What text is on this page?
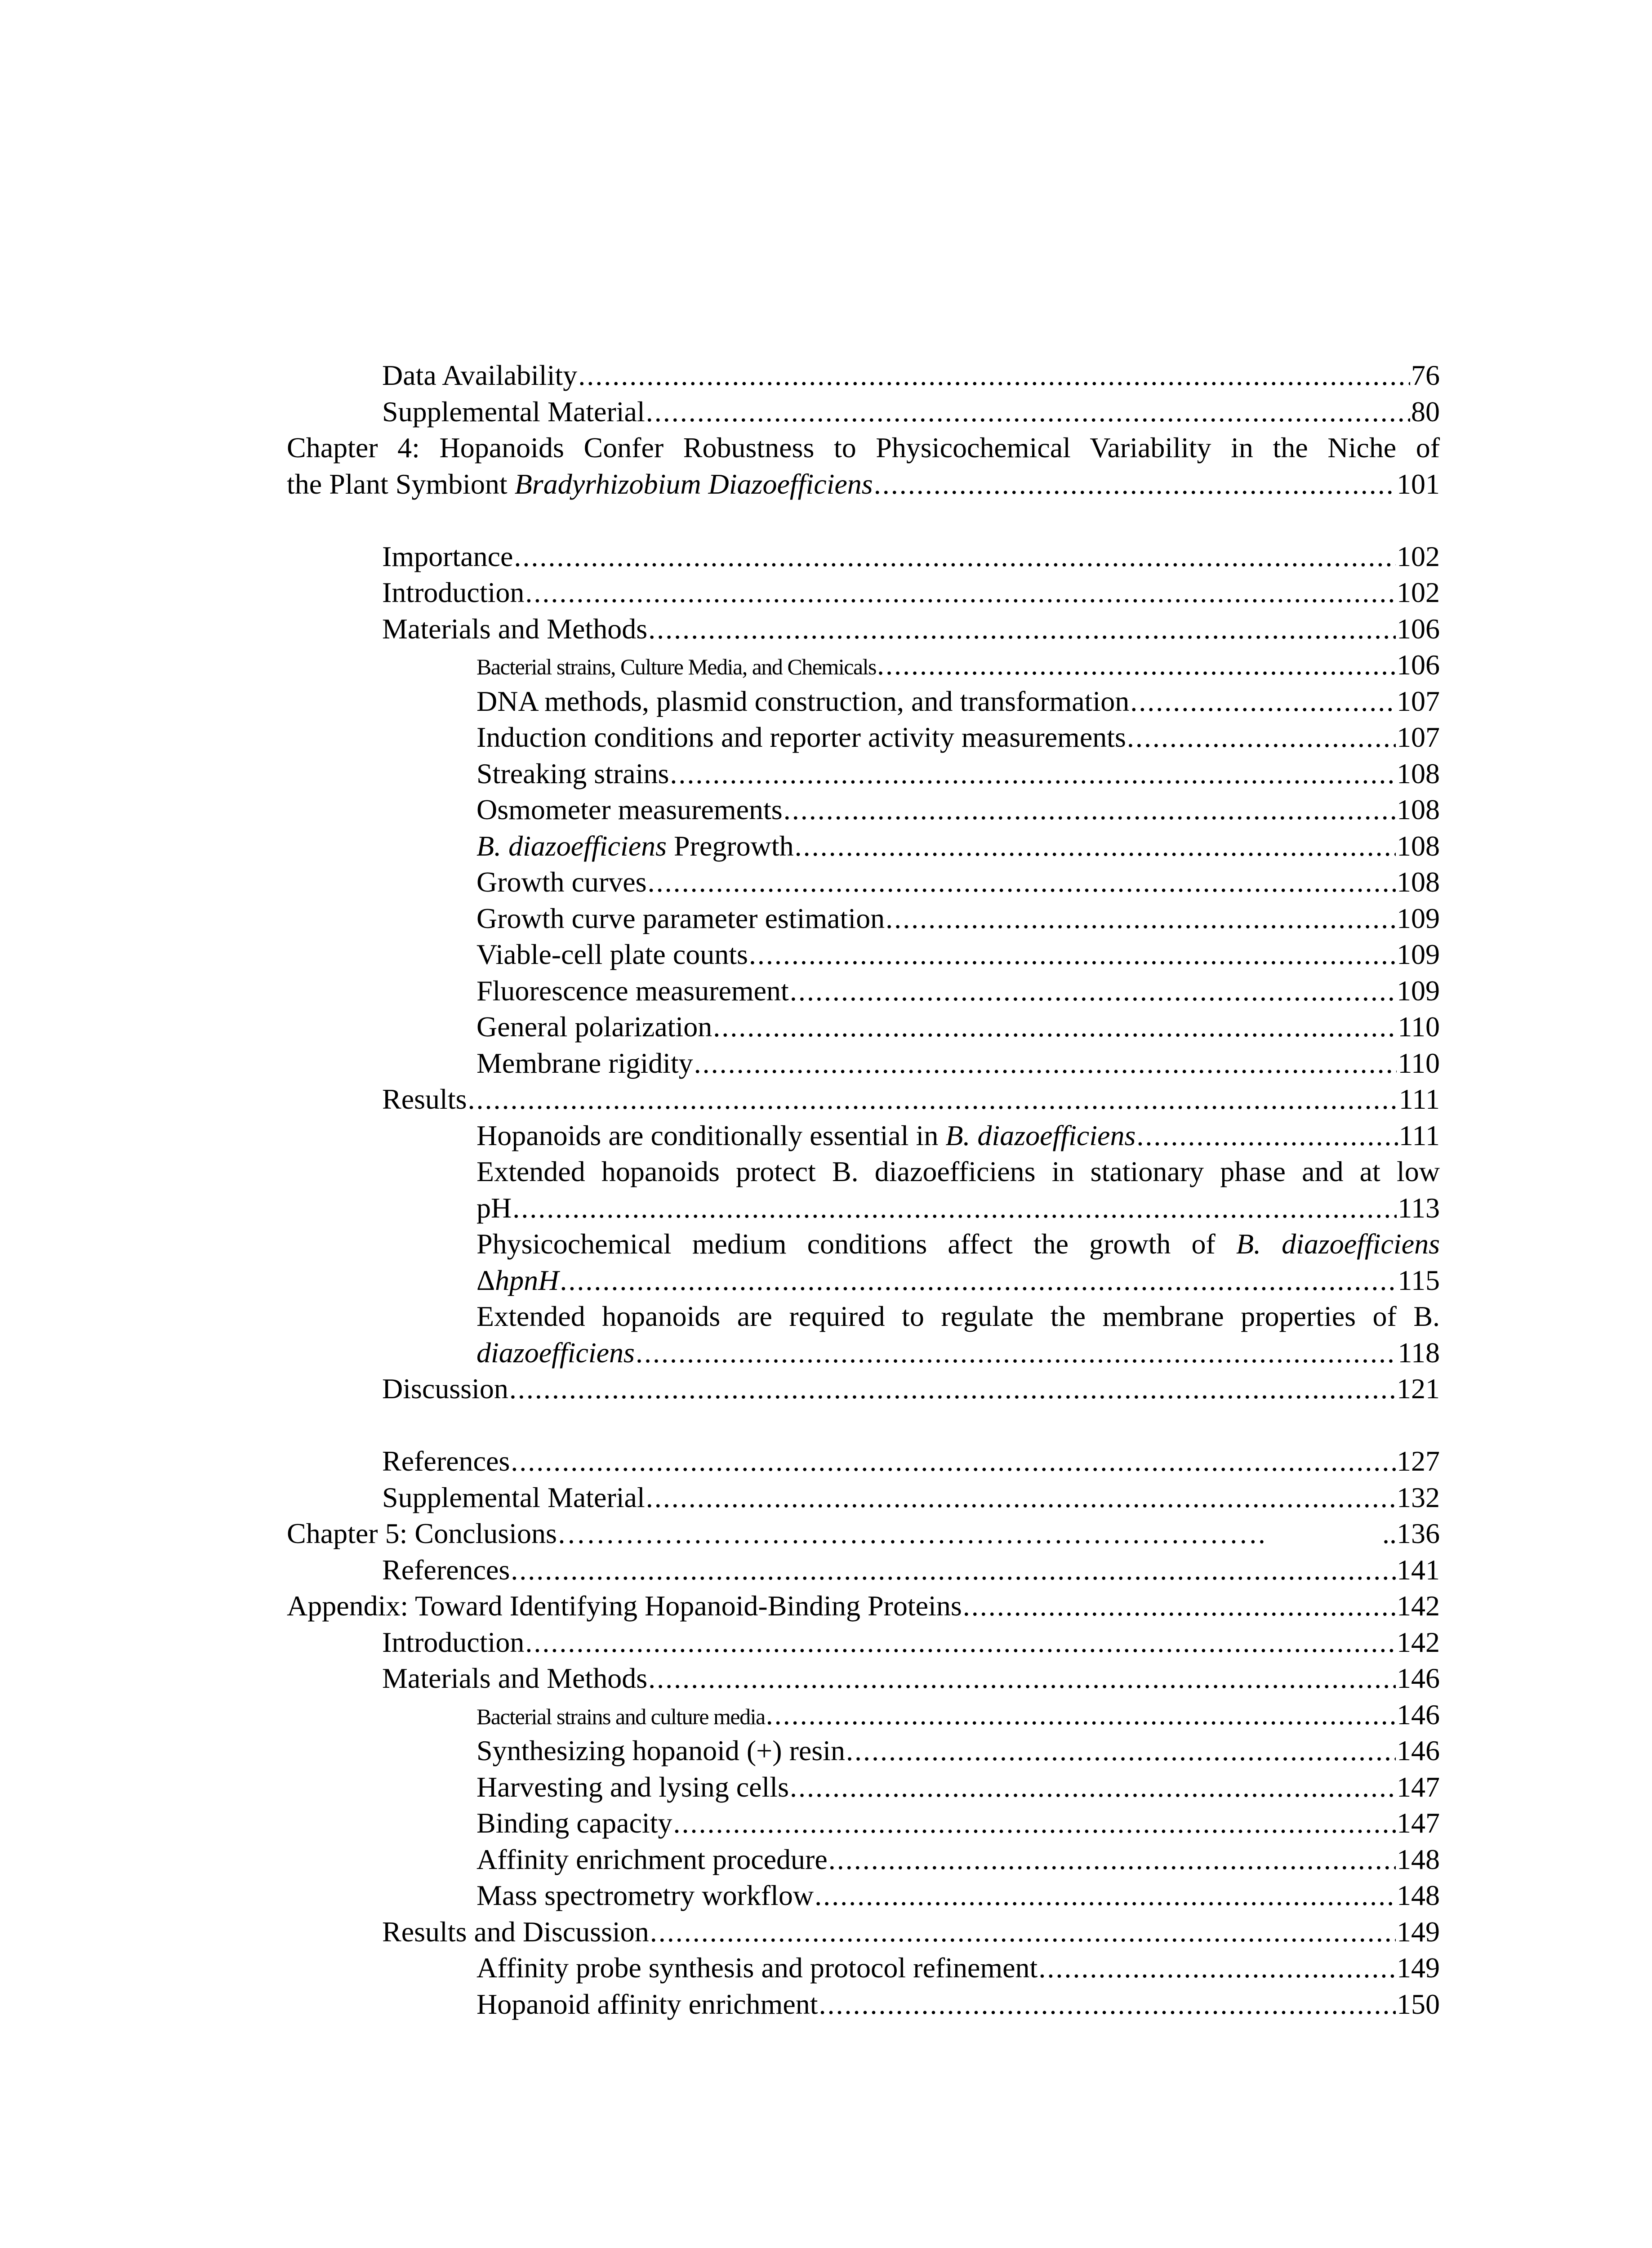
Data Availability .....	76
Supplemental Material .....	80
Chapter 4: Hopanoids Confer Robustness to Physicochemical Variability in the Niche of
the Plant Symbiont Bradyrhizobium Diazoefficiens .....	101
Importance .....	102
Introduction .....	102
Materials and Methods .....	106
Bacterial strains, Culture Media, and Chemicals .....	106
DNA methods, plasmid construction, and transformation .....	107
Induction conditions and reporter activity measurements .....	107
Streaking strains .....	108
Osmometer measurements .....	108
B. diazoefficiens Pregrowth .....	108
Growth curves .....	108
Growth curve parameter estimation .....	109
Viable-cell plate counts .....	109
Fluorescence measurement .....	109
General polarization .....	110
Membrane rigidity .....	110
Results .....	111
Hopanoids are conditionally essential in B. diazoefficiens .....	111
Extended hopanoids protect B. diazoefficiens in stationary phase and at low
pH .....	113
Physicochemical medium conditions affect the growth of B. diazoefficiens
ΔhpnH .....	115
Extended hopanoids are required to regulate the membrane properties of B.
diazoefficiens .....	118
Discussion .....	121
References .....	127
Supplemental Material .....	132
Chapter 5: Conclusions ……………………………………………………………….	..136
References .....	141
Appendix: Toward Identifying Hopanoid-Binding Proteins .....	142
Introduction .....	142
Materials and Methods .....	146
Bacterial strains and culture media .....	146
Synthesizing hopanoid (+) resin .....	146
Harvesting and lysing cells .....	147
Binding capacity .....	147
Affinity enrichment procedure .....	148
Mass spectrometry workflow .....	148
Results and Discussion .....	149
Affinity probe synthesis and protocol refinement .....	149
Hopanoid affinity enrichment .....	150
